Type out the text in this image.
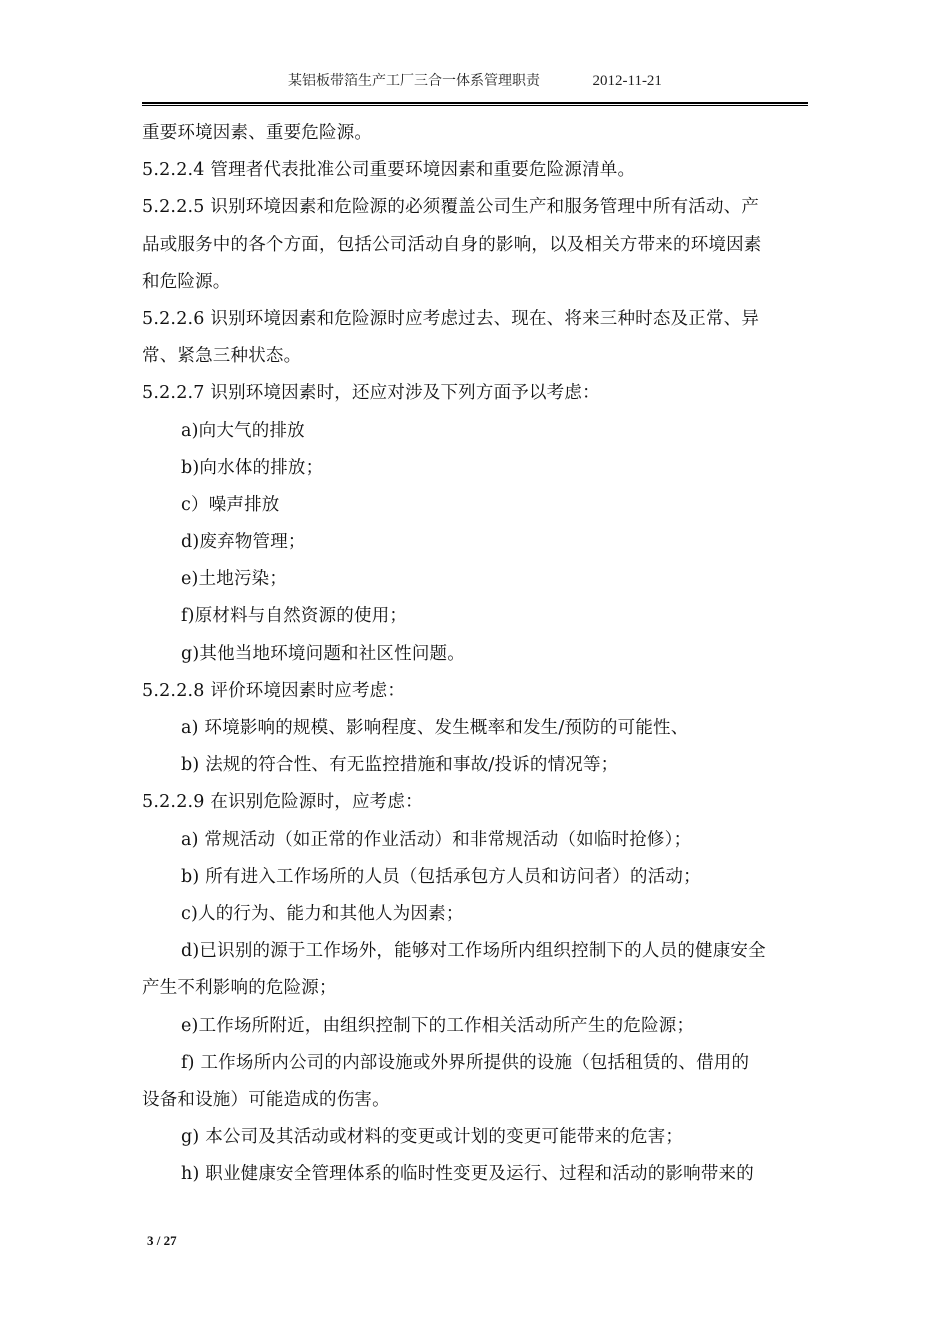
某铝板带箔生产工厂三合一体系管理职责	2012-11-21
重要环境因素、重要危险源。
5.2.2.4 管理者代表批准公司重要环境因素和重要危险源清单。
5.2.2.5 识别环境因素和危险源的必须覆盖公司生产和服务管理中所有活动、产
品或服务中的各个方面，包括公司活动自身的影响，以及相关方带来的环境因素
和危险源。
5.2.2.6 识别环境因素和危险源时应考虑过去、现在、将来三种时态及正常、异
常、紧急三种状态。
5.2.2.7 识别环境因素时，还应对涉及下列方面予以考虑：
a)向大气的排放
b)向水体的排放；
c）噪声排放
d)废弃物管理；
e)土地污染；
f)原材料与自然资源的使用；
g)其他当地环境问题和社区性问题。
5.2.2.8 评价环境因素时应考虑：
a) 环境影响的规模、影响程度、发生概率和发生/预防的可能性、
b) 法规的符合性、有无监控措施和事故/投诉的情况等；
5.2.2.9 在识别危险源时，应考虑：
a) 常规活动（如正常的作业活动）和非常规活动（如临时抢修）；
b) 所有进入工作场所的人员（包括承包方人员和访问者）的活动；
c)人的行为、能力和其他人为因素；
d)已识别的源于工作场外，能够对工作场所内组织控制下的人员的健康安全
产生不利影响的危险源；
e)工作场所附近，由组织控制下的工作相关活动所产生的危险源；
f) 工作场所内公司的内部设施或外界所提供的设施（包括租赁的、借用的
设备和设施）可能造成的伤害。
g) 本公司及其活动或材料的变更或计划的变更可能带来的危害；
h) 职业健康安全管理体系的临时性变更及运行、过程和活动的影响带来的
3 / 27
